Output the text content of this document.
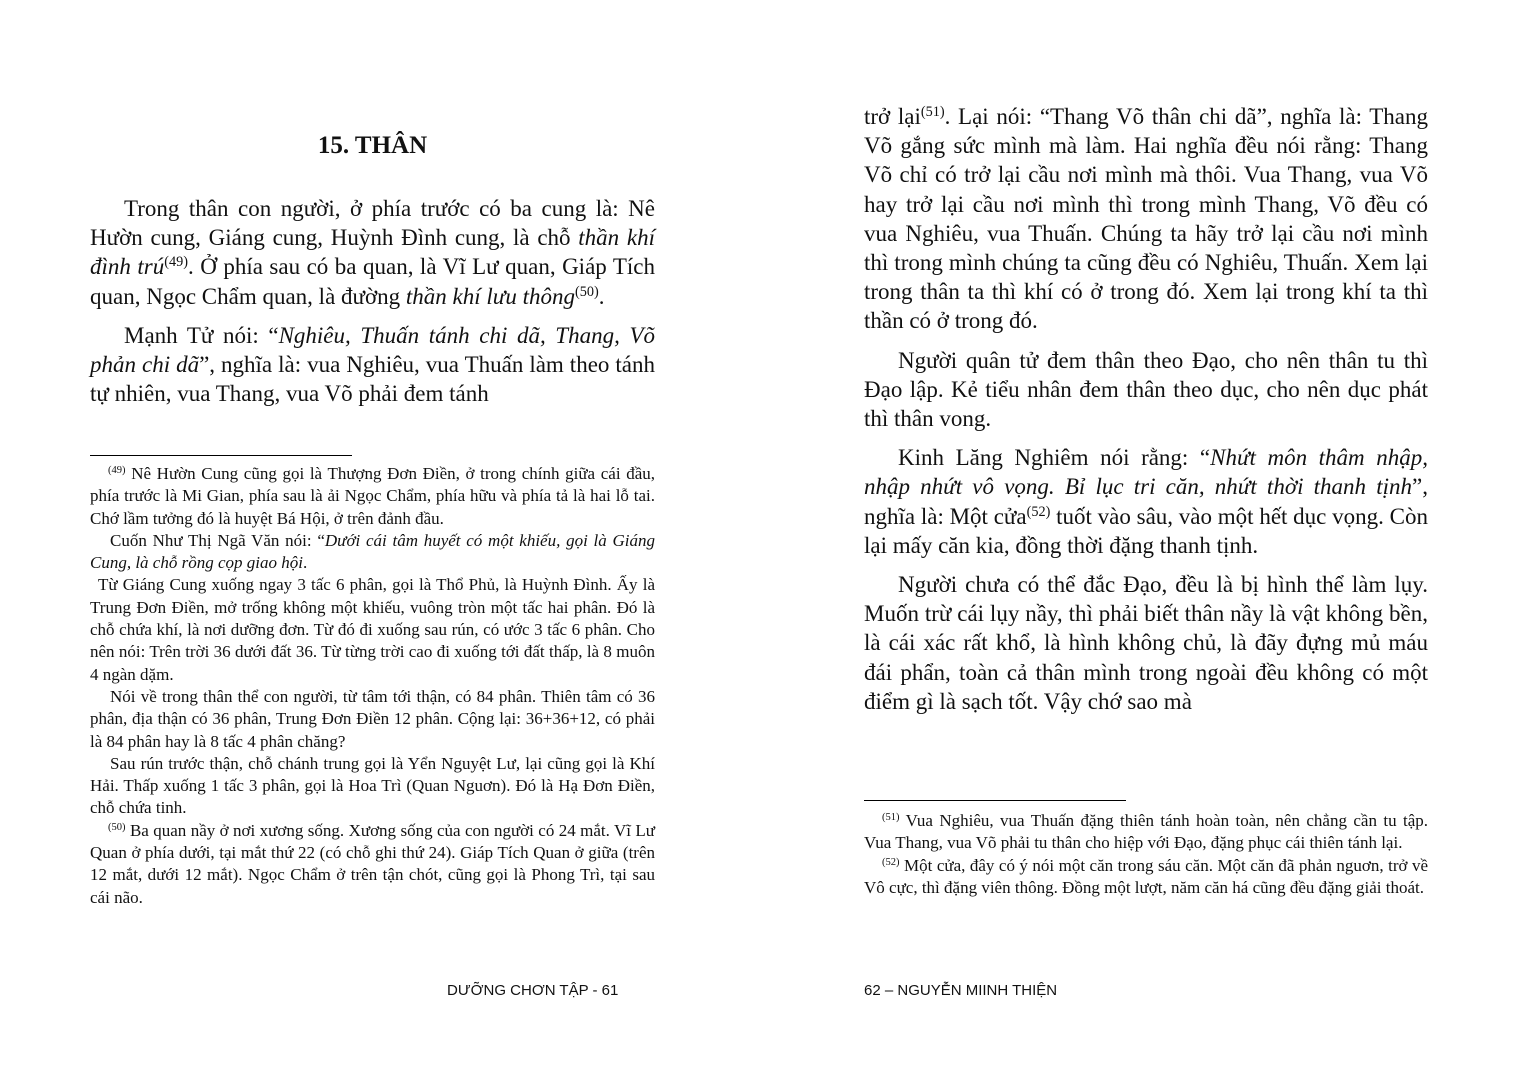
15. THÂN

Trong thân con người, ở phía trước có ba cung là: Nê Hườn cung, Giáng cung, Huỳnh Đình cung, là chỗ thần khí đình trú$^{(49)}$. Ở phía sau có ba quan, là Vĩ Lư quan, Giáp Tích quan, Ngọc Chẩm quan, là đường thần khí lưu thông$^{(50)}$.

Mạnh Tử nói: “Nghiêu, Thuấn tánh chi dã, Thang, Võ phản chi dã”, nghĩa là: vua Nghiêu, vua Thuấn làm theo tánh tự nhiên, vua Thang, vua Võ phải đem tánh

$^{(49)}$ Nê Hườn Cung cũng gọi là Thượng Đơn Điền, ở trong chính giữa cái đầu, phía trước là Mi Gian, phía sau là ải Ngọc Chẩm, phía hữu và phía tả là hai lỗ tai. Chớ lầm tưởng đó là huyệt Bá Hội, ở trên đảnh đầu.

Cuốn Như Thị Ngã Văn nói: “Dưới cái tâm huyết có một khiếu, gọi là Giáng Cung, là chỗ rồng cọp giao hội.

Từ Giáng Cung xuống ngay 3 tấc 6 phân, gọi là Thổ Phủ, là Huỳnh Đình. Ấy là Trung Đơn Điền, mở trống không một khiếu, vuông tròn một tấc hai phân. Đó là chỗ chứa khí, là nơi dưỡng đơn. Từ đó đi xuống sau rún, có ước 3 tấc 6 phân. Cho nên nói: Trên trời 36 dưới đất 36. Từ từng trời cao đi xuống tới đất thấp, là 8 muôn 4 ngàn dặm.

Nói về trong thân thể con người, từ tâm tới thận, có 84 phân. Thiên tâm có 36 phân, địa thận có 36 phân, Trung Đơn Điền 12 phân. Cộng lại: 36+36+12, có phải là 84 phân hay là 8 tấc 4 phân chăng?

Sau rún trước thận, chỗ chánh trung gọi là Yển Nguyệt Lư, lại cũng gọi là Khí Hải. Thấp xuống 1 tấc 3 phân, gọi là Hoa Trì (Quan Nguơn). Đó là Hạ Đơn Điền, chỗ chứa tinh.

$^{(50)}$ Ba quan nầy ở nơi xương sống. Xương sống của con người có 24 mắt. Vĩ Lư Quan ở phía dưới, tại mắt thứ 22 (có chỗ ghi thứ 24). Giáp Tích Quan ở giữa (trên 12 mắt, dưới 12 mắt). Ngọc Chẩm ở trên tận chót, cũng gọi là Phong Trì, tại sau cái não.

DƯỠNG CHƠN TẬP - 61

trở lại$^{(51)}$. Lại nói: “Thang Võ thân chi dã”, nghĩa là: Thang Võ gắng sức mình mà làm. Hai nghĩa đều nói rằng: Thang Võ chỉ có trở lại cầu nơi mình mà thôi. Vua Thang, vua Võ hay trở lại cầu nơi mình thì trong mình Thang, Võ đều có vua Nghiêu, vua Thuấn. Chúng ta hãy trở lại cầu nơi mình thì trong mình chúng ta cũng đều có Nghiêu, Thuấn. Xem lại trong thân ta thì khí có ở trong đó. Xem lại trong khí ta thì thần có ở trong đó.

Người quân tử đem thân theo Đạo, cho nên thân tu thì Đạo lập. Kẻ tiểu nhân đem thân theo dục, cho nên dục phát thì thân vong.

Kinh Lăng Nghiêm nói rằng: “Nhứt môn thâm nhập, nhập nhứt vô vọng. Bỉ lục tri căn, nhứt thời thanh tịnh”, nghĩa là: Một cửa$^{(52)}$ tuốt vào sâu, vào một hết dục vọng. Còn lại mấy căn kia, đồng thời đặng thanh tịnh.

Người chưa có thể đắc Đạo, đều là bị hình thể làm lụy. Muốn trừ cái lụy nầy, thì phải biết thân nầy là vật không bền, là cái xác rất khổ, là hình không chủ, là đãy đựng mủ máu đái phẩn, toàn cả thân mình trong ngoài đều không có một điểm gì là sạch tốt. Vậy chớ sao mà

$^{(51)}$ Vua Nghiêu, vua Thuấn đặng thiên tánh hoàn toàn, nên chẳng cần tu tập. Vua Thang, vua Võ phải tu thân cho hiệp với Đạo, đặng phục cái thiên tánh lại.

$^{(52)}$ Một cửa, đây có ý nói một căn trong sáu căn. Một căn đã phản nguơn, trở về Vô cực, thì đặng viên thông. Đồng một lượt, năm căn há cũng đều đặng giải thoát.

62 – NGUYỄN MIINH THIỆN
